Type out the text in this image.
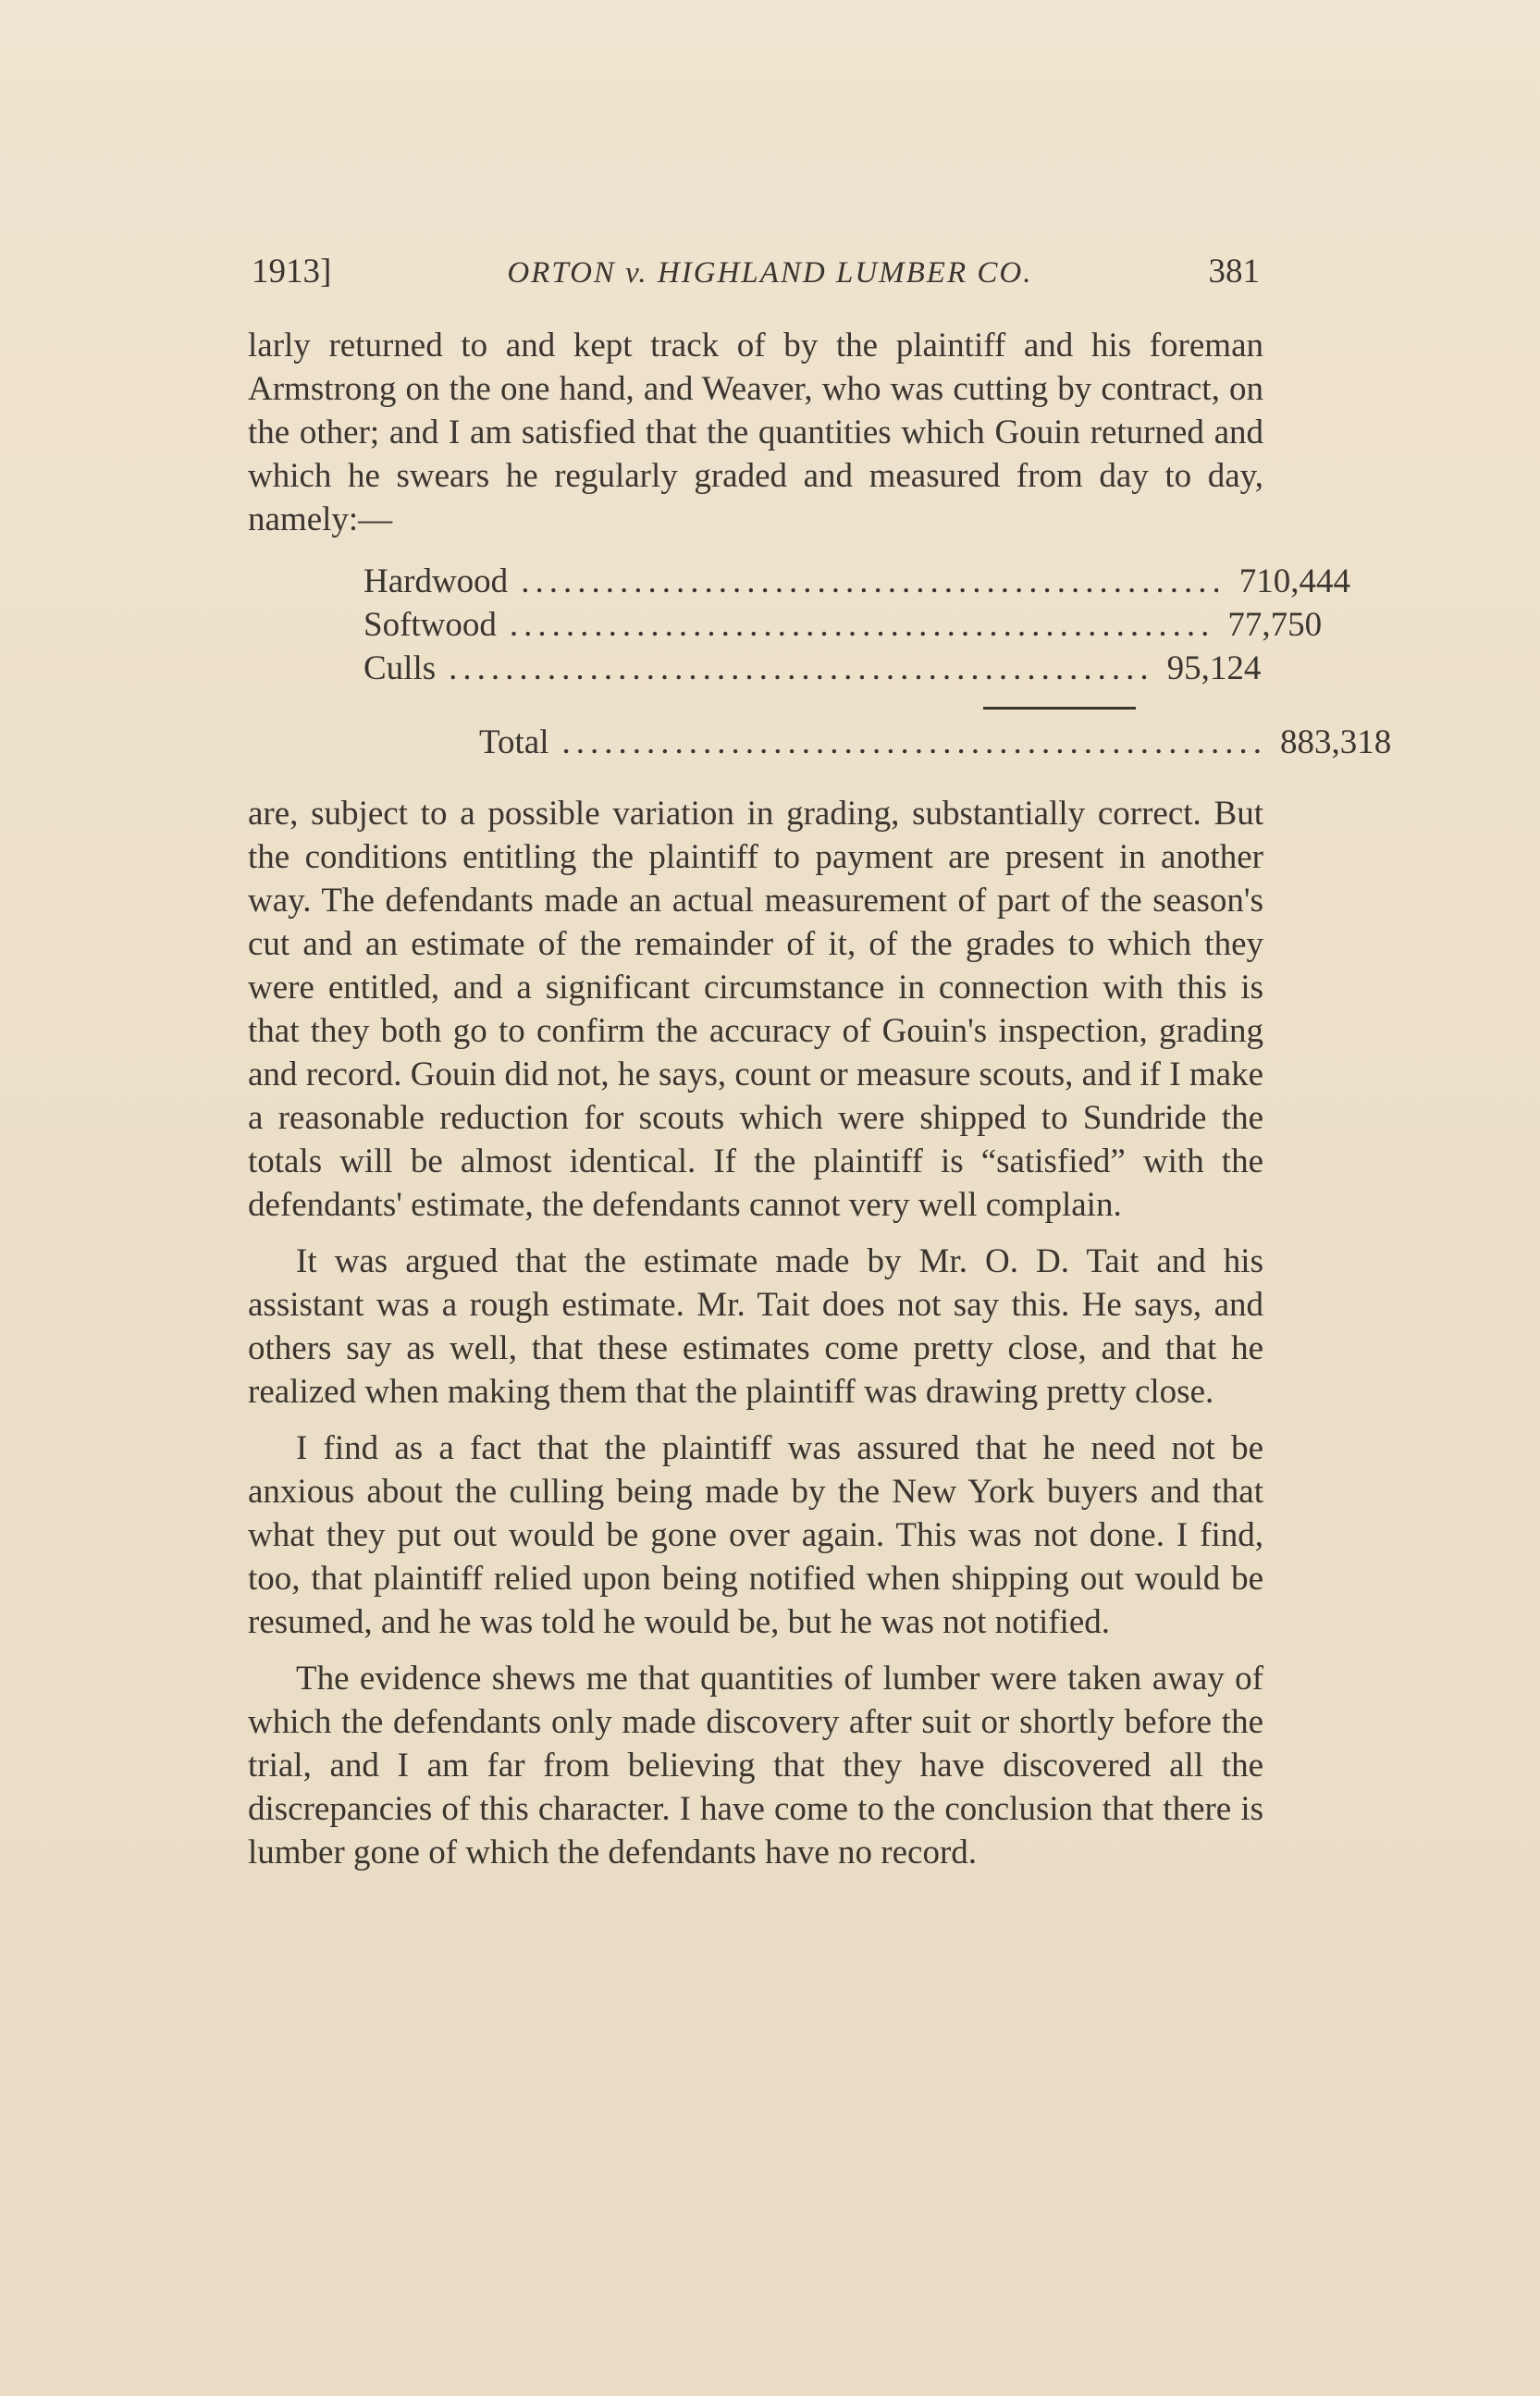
1913]	ORTON v. HIGHLAND LUMBER CO.	381

larly returned to and kept track of by the plaintiff and his foreman Armstrong on the one hand, and Weaver, who was cutting by contract, on the other; and I am satisfied that the quantities which Gouin returned and which he swears he regularly graded and measured from day to day, namely:—

Hardwood .................................................. 710,444
Softwood .................................................. 77,750
Culls .................................................. 95,124
Total .................................................. 883,318

are, subject to a possible variation in grading, substantially correct. But the conditions entitling the plaintiff to payment are present in another way. The defendants made an actual measurement of part of the season's cut and an estimate of the remainder of it, of the grades to which they were entitled, and a significant circumstance in connection with this is that they both go to confirm the accuracy of Gouin's inspection, grading and record. Gouin did not, he says, count or measure scouts, and if I make a reasonable reduction for scouts which were shipped to Sundride the totals will be almost identical. If the plaintiff is “satisfied” with the defendants' estimate, the defendants cannot very well complain.

It was argued that the estimate made by Mr. O. D. Tait and his assistant was a rough estimate. Mr. Tait does not say this. He says, and others say as well, that these estimates come pretty close, and that he realized when making them that the plaintiff was drawing pretty close.

I find as a fact that the plaintiff was assured that he need not be anxious about the culling being made by the New York buyers and that what they put out would be gone over again. This was not done. I find, too, that plaintiff relied upon being notified when shipping out would be resumed, and he was told he would be, but he was not notified.

The evidence shews me that quantities of lumber were taken away of which the defendants only made discovery after suit or shortly before the trial, and I am far from believing that they have discovered all the discrepancies of this character. I have come to the conclusion that there is lumber gone of which the defendants have no record.
